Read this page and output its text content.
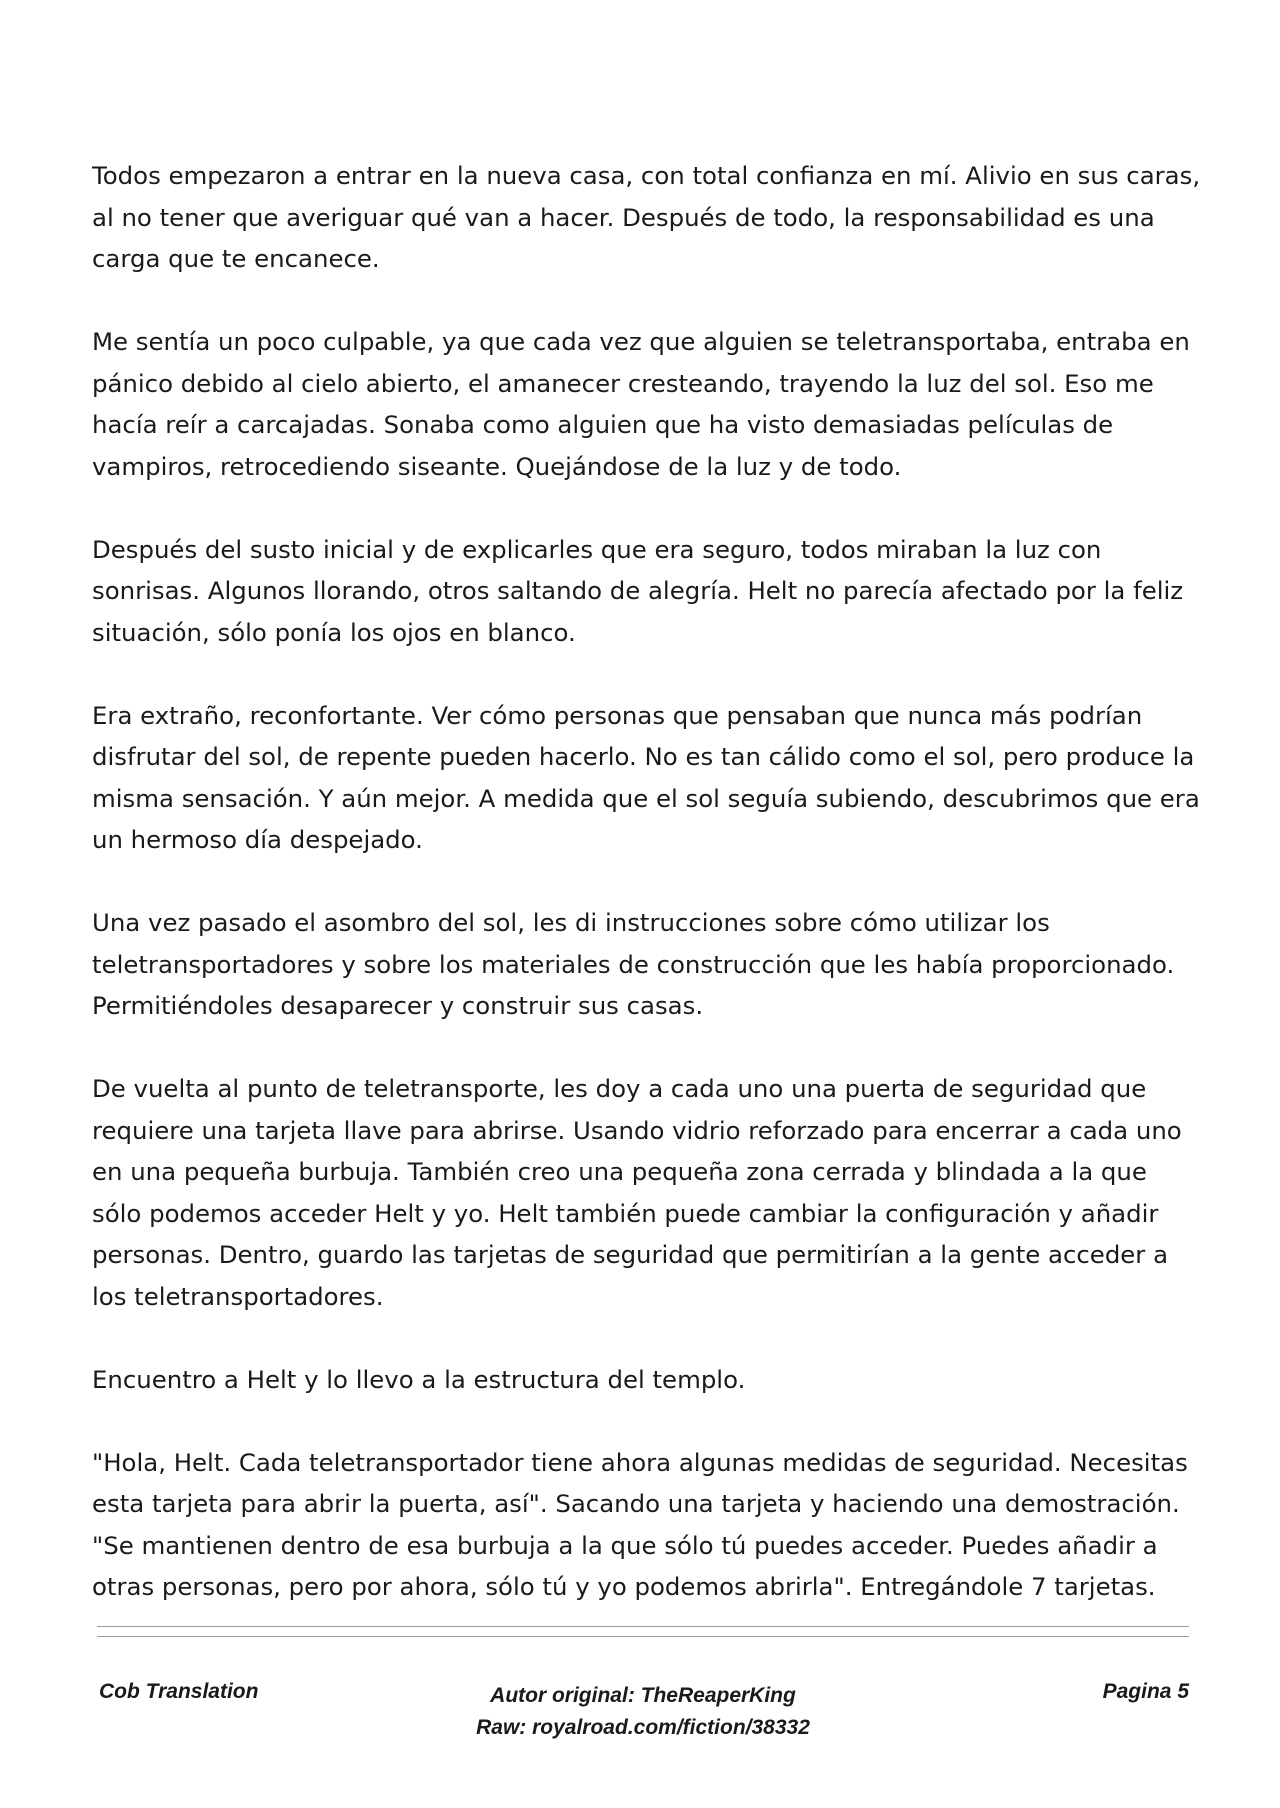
Todos empezaron a entrar en la nueva casa, con total confianza en mí. Alivio en sus caras, al no tener que averiguar qué van a hacer. Después de todo, la responsabilidad es una carga que te encanece.

Me sentía un poco culpable, ya que cada vez que alguien se teletransportaba, entraba en pánico debido al cielo abierto, el amanecer cresteando, trayendo la luz del sol. Eso me hacía reír a carcajadas. Sonaba como alguien que ha visto demasiadas películas de vampiros, retrocediendo siseante. Quejándose de la luz y de todo.

Después del susto inicial y de explicarles que era seguro, todos miraban la luz con sonrisas. Algunos llorando, otros saltando de alegría. Helt no parecía afectado por la feliz situación, sólo ponía los ojos en blanco.

Era extraño, reconfortante. Ver cómo personas que pensaban que nunca más podrían disfrutar del sol, de repente pueden hacerlo. No es tan cálido como el sol, pero produce la misma sensación. Y aún mejor. A medida que el sol seguía subiendo, descubrimos que era un hermoso día despejado.

Una vez pasado el asombro del sol, les di instrucciones sobre cómo utilizar los teletransportadores y sobre los materiales de construcción que les había proporcionado. Permitiéndoles desaparecer y construir sus casas.

De vuelta al punto de teletransporte, les doy a cada uno una puerta de seguridad que requiere una tarjeta llave para abrirse. Usando vidrio reforzado para encerrar a cada uno en una pequeña burbuja. También creo una pequeña zona cerrada y blindada a la que sólo podemos acceder Helt y yo. Helt también puede cambiar la configuración y añadir personas. Dentro, guardo las tarjetas de seguridad que permitirían a la gente acceder a los teletransportadores.

Encuentro a Helt y lo llevo a la estructura del templo.

"Hola, Helt. Cada teletransportador tiene ahora algunas medidas de seguridad. Necesitas esta tarjeta para abrir la puerta, así". Sacando una tarjeta y haciendo una demostración. "Se mantienen dentro de esa burbuja a la que sólo tú puedes acceder. Puedes añadir a otras personas, pero por ahora, sólo tú y yo podemos abrirla". Entregándole 7 tarjetas.

Cob Translation	Autor original: TheReaperKing
Raw: royalroad.com/fiction/38332
Pagina 5
